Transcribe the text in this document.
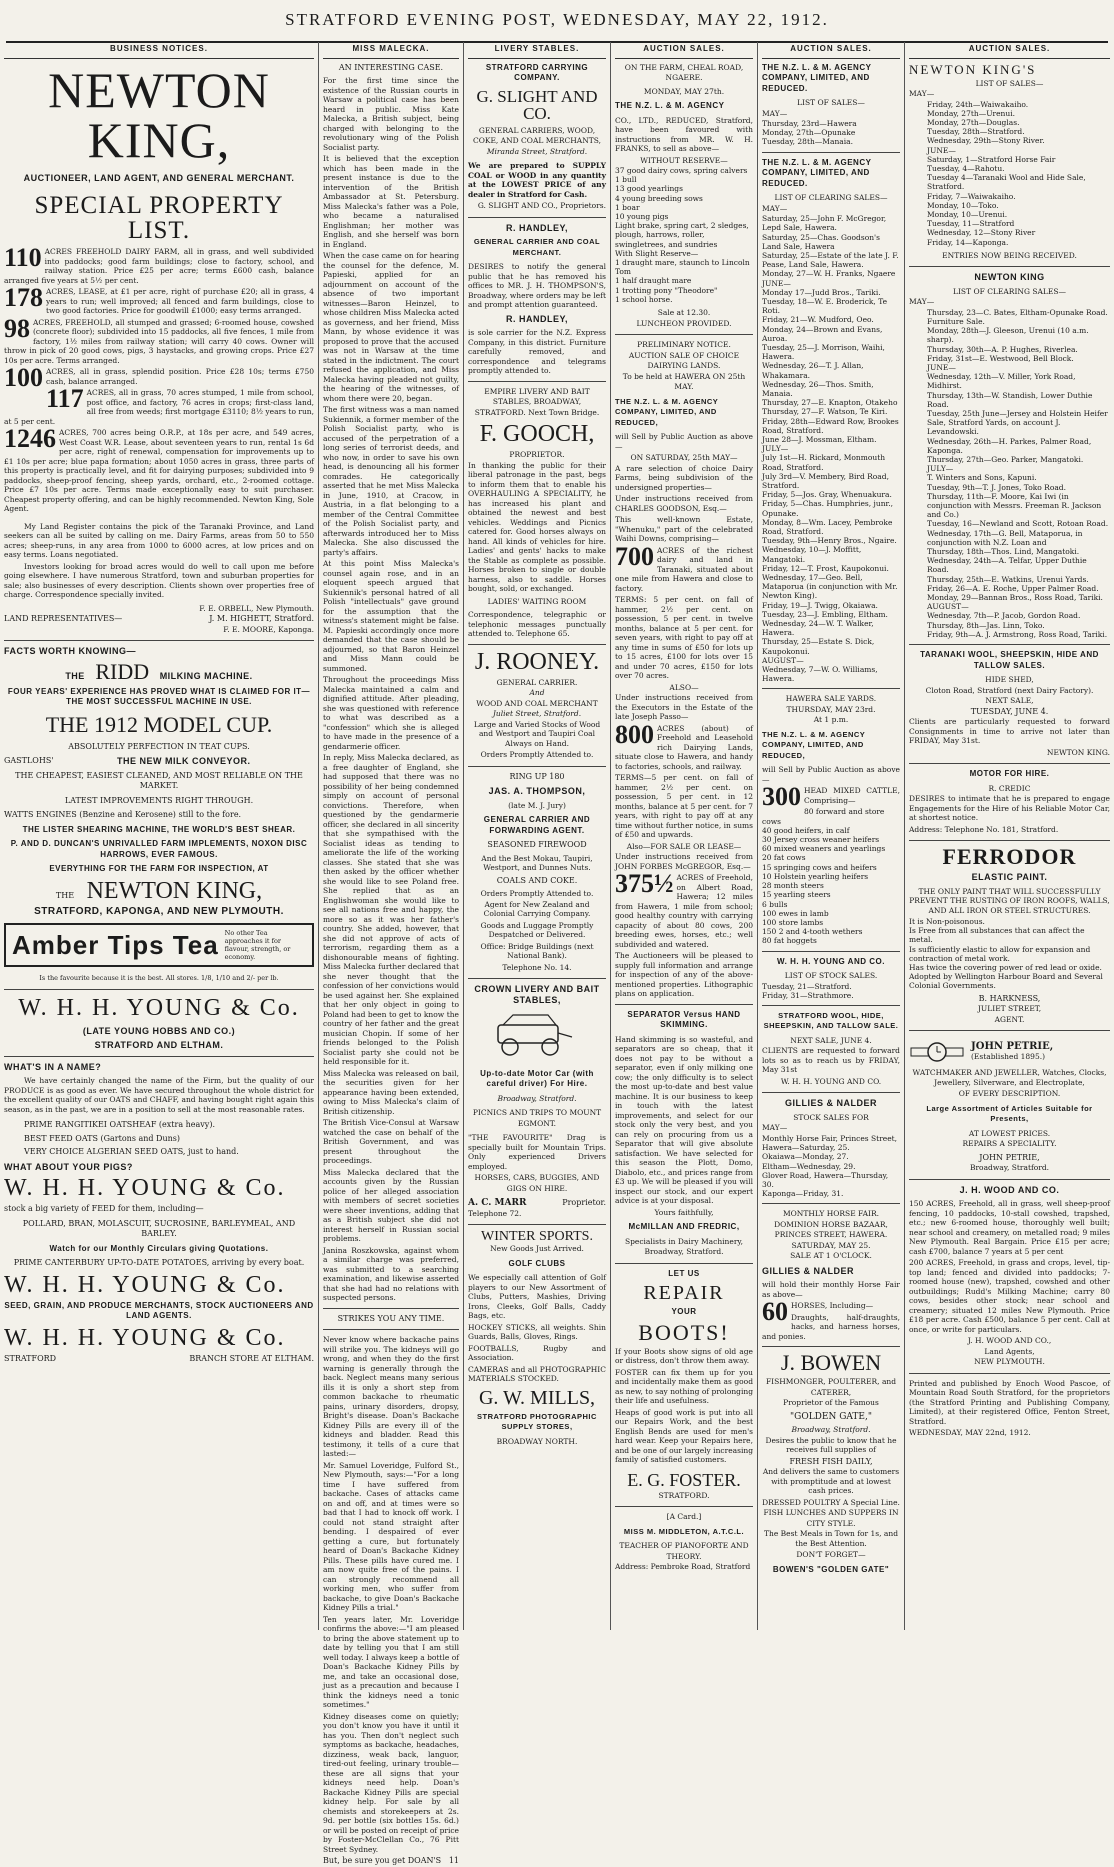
STRATFORD EVENING POST, WEDNESDAY, MAY 22, 1912.
BUSINESS NOTICES.
NEWTON KING,
AUCTIONEER, LAND AGENT, AND GENERAL MERCHANT.
SPECIAL PROPERTY LIST.

110 ACRES FREEHOLD DAIRY FARM, all in grass, and well subdivided into paddocks; good farm buildings; close to factory, school, and railway station. Price £25 per acre; terms £600 cash, balance arranged five years at 5½ per cent.

178 ACRES, LEASE, at £1 per acre, right of purchase £20; all in grass, 4 years to run; well improved; all fenced and farm buildings, close to two good factories. Price for goodwill £1000; easy terms arranged.

98 ACRES, FREEHOLD, all stumped and grassed; 6-roomed house, cowshed (concrete floor); subdivided into 15 paddocks, all five fences, 1 mile from factory, 1½ miles from railway station; will carry 40 cows. Owner will throw in pick of 20 good cows, pigs, 3 haystacks, and growing crops. Price £27 10s per acre. Terms arranged.

100 ACRES, all in grass, splendid position. Price £28 10s; terms £750 cash, balance arranged.

117 ACRES, all in grass, 70 acres stumped, 1 mile from school, post office, and factory, 76 acres in crops; first-class land, all free from weeds; first mortgage £3110; 8½ years to run, at 5 per cent.

1246 ACRES, 700 acres being O.R.P., at 18s per acre, and 549 acres, West Coast W.R. Lease, about seventeen years to run, rental 1s 6d per acre, right of renewal, compensation for improvements up to £1 10s per acre; blue papa formation; about 1050 acres in grass, three parts of this property is practically level, and fit for dairying purposes; subdivided into 9 paddocks, sheep-proof fencing, sheep yards, orchard, etc., 2-roomed cottage. Price £7 10s per acre. Terms made exceptionally easy to suit purchaser. Cheapest property offering, and can be highly recommended. Newton King, Sole Agent.

My Land Register contains the pick of the Taranaki Province, and Land seekers can all be suited by calling on me. Dairy Farms, areas from 50 to 550 acres; sheep-runs, in any area from 1000 to 6000 acres, at low prices and on easy terms. Loans negotiated.

Investors looking for broad acres would do well to call upon me before going elsewhere. I have numerous Stratford, town and suburban properties for sale; also businesses of every description. Clients shown over properties free of charge. Correspondence specially invited.

F. E. ORBELL, New Plymouth.
LAND REPRESENTATIVES—	J. M. HIGHETT, Stratford.
F. E. MOORE, Kaponga.
FACTS WORTH KNOWING—
THE RIDD MILKING MACHINE.
FOUR YEARS' EXPERIENCE HAS PROVED WHAT IS CLAIMED FOR IT—THE MOST SUCCESSFUL MACHINE IN USE.
THE 1912 MODEL CUP.
ABSOLUTELY PERFECTION IN TEAT CUPS.
GASTLOHS'	THE NEW MILK CONVEYOR.
THE CHEAPEST, EASIEST CLEANED, AND MOST RELIABLE ON THE MARKET.
LATEST IMPROVEMENTS RIGHT THROUGH.
WATTS ENGINES (Benzine and Kerosene) still to the fore.
THE LISTER SHEARING MACHINE, THE WORLD'S BEST SHEAR.
P. AND D. DUNCAN'S UNRIVALLED FARM IMPLEMENTS, NOXON DISC HARROWS, EVER FAMOUS.
EVERYTHING FOR THE FARM FOR INSPECTION, AT
THE NEWTON KING,
STRATFORD, KAPONGA, AND NEW PLYMOUTH.
Amber Tips Tea No other Tea approaches it for flavour, strength, or economy.
Is the favourite because it is the best. All stores. 1/8, 1/10 and 2/- per lb.
W. H. H. YOUNG & Co.
(LATE YOUNG HOBBS AND CO.)
STRATFORD AND ELTHAM.
WHAT'S IN A NAME?

We have certainly changed the name of the Firm, but the quality of our PRODUCE is as good as ever. We have secured throughout the whole district for the excellent quality of our OATS and CHAFF, and having bought right again this season, as in the past, we are in a position to sell at the most reasonable rates.

PRIME RANGITIKEI OATSHEAF (extra heavy).
BEST FEED OATS (Gartons and Duns)
VERY CHOICE ALGERIAN SEED OATS, just to hand.
WHAT ABOUT YOUR PIGS?
W. H. H. YOUNG & Co.
stock a big variety of FEED for them, including—
POLLARD, BRAN, MOLASCUIT, SUCROSINE, BARLEYMEAL, AND BARLEY.
Watch for our Monthly Circulars giving Quotations.
PRIME CANTERBURY UP-TO-DATE POTATOES, arriving by every boat.
W. H. H. YOUNG & Co.
SEED, GRAIN, AND PRODUCE MERCHANTS, STOCK AUCTIONEERS AND LAND AGENTS.
W. H. H. YOUNG & Co.
STRATFORD	BRANCH STORE AT ELTHAM.
MISS MALECKA.
AN INTERESTING CASE.

For the first time since the existence of the Russian courts in Warsaw a political case has been heard in public. Miss Kate Malecka, a British subject, being charged with belonging to the revolutionary wing of the Polish Socialist party.

It is believed that the exception which has been made in the present instance is due to the intervention of the British Ambassador at St. Petersburg. Miss Malecka's father was a Pole, who became a naturalised Englishman; her mother was English, and she herself was born in England.

When the case came on for hearing the counsel for the defence, M. Papieski, applied for an adjournment on account of the absence of two important witnesses—Baron Heinzel, to whose children Miss Malecka acted as governess, and her friend, Miss Mann, by whose evidence it was proposed to prove that the accused was not in Warsaw at the time stated in the indictment. The court refused the application, and Miss Malecka having pleaded not guilty, the hearing of the witnesses, of whom there were 20, began.

The first witness was a man named Sukiennik, a former member of the Polish Socialist party, who is accused of the perpetration of a long series of terrorist deeds, and who now, in order to save his own head, is denouncing all his former comrades. He categorically asserted that he met Miss Malecka in June, 1910, at Cracow, in Austria, in a flat belonging to a member of the Central Committee of the Polish Socialist party, and afterwards introduced her to Miss Malecka. She also discussed the party's affairs.

At this point Miss Malecka's counsel again rose, and in an eloquent speech argued that Sukiennik's personal hatred of all Polish "intellectuals" gave ground for the assumption that the witness's statement might be false. M. Papieski accordingly once more demanded that the case should be adjourned, so that Baron Heinzel and Miss Mann could be summoned.

Throughout the proceedings Miss Malecka maintained a calm and dignified attitude. After pleading, she was questioned with reference to what was described as a "confession" which she is alleged to have made in the presence of a gendarmerie officer.

In reply, Miss Malecka declared, as a free daughter of England, she had supposed that there was no possibility of her being condemned simply on account of personal convictions. Therefore, when questioned by the gendarmerie officer, she declared in all sincerity that she sympathised with the Socialist ideas as tending to ameliorate the life of the working classes. She stated that she was then asked by the officer whether she would like to see Poland free. She replied that as an Englishwoman she would like to see all nations free and happy, the more so as it was her father's country. She added, however, that she did not approve of acts of terrorism, regarding them as a dishonourable means of fighting. Miss Malecka further declared that she never thought that the confession of her convictions would be used against her. She explained that her only object in going to Poland had been to get to know the country of her father and the great musician Chopin. If some of her friends belonged to the Polish Socialist party she could not be held responsible for it.

Miss Malecka was released on bail, the securities given for her appearance having been extended, owing to Miss Malecka's claim of British citizenship.

The British Vice-Consul at Warsaw watched the case on behalf of the British Government, and was present throughout the proceedings.

Miss Malecka declared that the accounts given by the Russian police of her alleged association with members of secret societies were sheer inventions, adding that as a British subject she did not interest herself in Russian social problems.

Janina Roszkowska, against whom a similar charge was preferred, was submitted to a searching examination, and likewise asserted that she had had no relations with suspected persons.

STRIKES YOU ANY TIME.

Never know where backache pains will strike you. The kidneys will go wrong, and when they do the first warning is generally through the back. Neglect means many serious ills it is only a short step from common backache to rheumatic pains, urinary disorders, dropsy, Bright's disease. Doan's Backache Kidney Pills are every ill of the kidneys and bladder. Read this testimony, it tells of a cure that lasted:—

Mr. Samuel Loveridge, Fulford St., New Plymouth, says:—"For a long time I have suffered from backache. Cases of attacks came on and off, and at times were so bad that I had to knock off work. I could not stand straight after bending. I despaired of ever getting a cure, but fortunately heard of Doan's Backache Kidney Pills. These pills have cured me. I am now quite free of the pains. I can strongly recommend all working men, who suffer from backache, to give Doan's Backache Kidney Pills a trial."

Ten years later, Mr. Loveridge confirms the above:—"I am pleased to bring the above statement up to date by telling you that I am still well today. I always keep a bottle of Doan's Backache Kidney Pills by me, and take an occasional dose, just as a precaution and because I think the kidneys need a tonic sometimes."

Kidney diseases come on quietly; you don't know you have it until it has you. Then don't neglect such symptoms as backache, headaches, dizziness, weak back, languor, tired-out feeling, urinary trouble—these are all signs that your kidneys need help. Doan's Backache Kidney Pills are special kidney help. For sale by all chemists and storekeepers at 2s. 9d. per bottle (six bottles 15s. 6d.) or will be posted on receipt of price by Foster-McClellan Co., 76 Pitt Street Sydney.

But, be sure you get DOAN'S 11
LIVERY STABLES.
STRATFORD CARRYING COMPANY.
G. SLIGHT AND CO.
GENERAL CARRIERS, WOOD, COKE, AND COAL MERCHANTS,
Miranda Street, Stratford.

We are prepared to SUPPLY COAL or WOOD in any quantity at the LOWEST PRICE of any dealer in Stratford for Cash.

G. SLIGHT AND CO., Proprietors.
R. HANDLEY,
GENERAL CARRIER AND COAL MERCHANT.

DESIRES to notify the general public that he has removed his offices to MR. J. H. THOMPSON'S, Broadway, where orders may be left and prompt attention guaranteed.

R. HANDLEY,

is sole carrier for the N.Z. Express Company, in this district. Furniture carefully removed, and correspondence and telegrams promptly attended to.

EMPIRE LIVERY AND BAIT STABLES, BROADWAY, STRATFORD. Next Town Bridge.
F. GOOCH,
PROPRIETOR.

In thanking the public for their liberal patronage in the past, begs to inform them that to enable his OVERHAULING A SPECIALITY, he has increased his plant and obtained the newest and best vehicles. Weddings and Picnics catered for. Good horses always on hand. All kinds of vehicles for hire. Ladies' and gents' hacks to make the Stable as complete as possible. Horses broken to single or double harness, also to saddle. Horses bought, sold, or exchanged.

LADIES' WAITING ROOM

Correspondence, telegraphic or telephonic messages punctually attended to. Telephone 65.

J. ROONEY.
GENERAL CARRIER.
And
WOOD AND COAL MERCHANT
Juliet Street, Stratford.

Large and Varied Stocks of Wood and Westport and Taupiri Coal Always on Hand.

Orders Promptly Attended to.
RING UP 180
JAS. A. THOMPSON,
(late M. J. Jury)
GENERAL CARRIER AND FORWARDING AGENT.
SEASONED FIREWOOD

And the Best Mokau, Taupiri, Westport, and Dunnes Nuts.

COALS AND COKE.
Orders Promptly Attended to.

Agent for New Zealand and Colonial Carrying Company.

Goods and Luggage Promptly Despatched or Delivered.

Office: Bridge Buildings (next National Bank).

Telephone No. 14.
CROWN LIVERY AND BAIT STABLES,
Up-to-date Motor Car (with careful driver) For Hire.
Broadway, Stratford.
PICNICS AND TRIPS TO MOUNT EGMONT.

"THE FAVOURITE" Drag is specially built for Mountain Trips. Only experienced Drivers employed.

HORSES, CARS, BUGGIES, AND GIGS ON HIRE.
A. C. MARR	Proprietor.
Telephone 72.
WINTER SPORTS.
New Goods Just Arrived.
GOLF CLUBS

We especially call attention of Golf players to our New Assortment of Clubs, Putters, Mashies, Driving Irons, Cleeks, Golf Balls, Caddy Bags, etc.

HOCKEY STICKS, all weights. Shin Guards, Balls, Gloves, Rings.

FOOTBALLS, Rugby and Association.

CAMERAS and all PHOTOGRAPHIC MATERIALS STOCKED.

G. W. MILLS,
STRATFORD PHOTOGRAPHIC SUPPLY STORES,
BROADWAY NORTH.
AUCTION SALES.
ON THE FARM, CHEAL ROAD, NGAERE.
MONDAY, MAY 27th.
THE N.Z. L. & M. AGENCY

CO., LTD., REDUCED, Stratford, have been favoured with instructions from MR. W. H. FRANKS, to sell as above—

WITHOUT RESERVE—
37 good dairy cows, spring calvers
1 bull
13 good yearlings
4 young breeding sows
1 boar
10 young pigs
Light brake, spring cart, 2 sledges, plough, harrows, roller, swingletrees, and sundries
With Slight Reserve—
1 draught mare, staunch to Lincoln Tom
1 half draught mare
1 trotting pony "Theodore"
1 school horse.
Sale at 12.30.
LUNCHEON PROVIDED.
PRELIMINARY NOTICE.
AUCTION SALE OF CHOICE DAIRYING LANDS.
To be held at HAWERA ON 25th MAY.
THE N.Z. L. & M. AGENCY COMPANY, LIMITED, AND REDUCED,

will Sell by Public Auction as above—

ON SATURDAY, 25th MAY—

A rare selection of choice Dairy Farms, being subdivision of the undersigned properties—

Under instructions received from CHARLES GOODSON, Esq.—

This well-known Estate, "Whenuku," part of the celebrated Waihi Downs, comprising—

700 ACRES of the richest dairy and land in Taranaki, situated about one mile from Hawera and close to factory.

TERMS: 5 per cent. on fall of hammer, 2½ per cent. on possession, 5 per cent. in twelve months, balance at 5 per cent. for seven years, with right to pay off at any time in sums of £50 for lots up to 15 acres, £100 for lots over 15 and under 70 acres, £150 for lots over 70 acres.

ALSO—

Under instructions received from the Executors in the Estate of the late Joseph Passo—

800 ACRES (about) of Freehold and Leasehold rich Dairying Lands, situate close to Hawera, and handy to factories, schools, and railway.

TERMS—5 per cent. on fall of hammer, 2½ per cent. on possession, 5 per cent. in 12 months, balance at 5 per cent. for 7 years, with right to pay off at any time without further notice, in sums of £50 and upwards.

Also—FOR SALE OR LEASE—

Under instructions received from JOHN FORBES McGREGOR, Esq.—

375½ ACRES of Freehold, on Albert Road, Hawera; 12 miles from Hawera, 1 mile from school; good healthy country with carrying capacity of about 80 cows, 200 breeding ewes, horses, etc.; well subdivided and watered.

The Auctioneers will be pleased to supply full information and arrange for inspection of any of the above-mentioned properties. Lithographic plans on application.

SEPARATOR Versus HAND SKIMMING.

Hand skimming is so wasteful, and separators are so cheap, that it does not pay to be without a separator, even if only milking one cow; the only difficulty is to select the most up-to-date and best value machine. It is our business to keep in touch with the latest improvements, and select for our stock only the very best, and you can rely on procuring from us a Separator that will give absolute satisfaction. We have selected for this season the Plott, Domo, Diabolo, etc., and prices range from £3 up. We will be pleased if you will inspect our stock, and our expert advice is at your disposal.

Yours faithfully,
McMILLAN AND FREDRIC,
Specialists in Dairy Machinery,
Broadway, Stratford.
LET US
REPAIR
YOUR
BOOTS!

If your Boots show signs of old age or distress, don't throw them away.

FOSTER can fix them up for you and incidentally make them as good as new, to say nothing of prolonging their life and usefulness.

Heaps of good work is put into all our Repairs Work, and the best English Bends are used for men's hard wear. Keep your Repairs here, and be one of our largely increasing family of satisfied customers.

E. G. FOSTER.
STRATFORD.
[A Card.]
MISS M. MIDDLETON, A.T.C.L.
TEACHER OF PIANOFORTE AND THEORY.
Address: Pembroke Road, Stratford
AUCTION SALES.
THE N.Z. L. & M. AGENCY COMPANY, LIMITED, AND REDUCED.
LIST OF SALES—
MAY—
Thursday, 23rd—Hawera
Monday, 27th—Opunake
Tuesday, 28th—Manaia.
THE N.Z. L. & M. AGENCY COMPANY, LIMITED, AND REDUCED.
LIST OF CLEARING SALES—
MAY—
Saturday, 25—John F. McGregor, Lepd Sale, Hawera.
Saturday, 25—Chas. Goodson's Land Sale, Hawera
Saturday, 25—Estate of the late J. F. Pease, Land Sale, Hawera.
Monday, 27—W. H. Franks, Ngaere
JUNE—
Monday 17—Judd Bros., Tariki.
Tuesday, 18—W. E. Broderick, Te Roti.
Friday, 21—W. Mudford, Oeo.
Monday, 24—Brown and Evans, Auroa.
Tuesday, 25—J. Morrison, Waihi, Hawera.
Wednesday, 26—T. J. Allan, Whakamara.
Wednesday, 26—Thos. Smith, Manaia.
Thursday, 27—E. Knapton, Otakeho
Thursday, 27—F. Watson, Te Kiri.
Friday, 28th—Edward Row, Brookes Road, Stratford.
June 28—J. Mossman, Eltham.
JULY—
July 1st—H. Rickard, Monmouth Road, Stratford.
July 3rd—V. Membery, Bird Road, Stratford.
Friday, 5—Jos. Gray, Whenuakura.
Friday, 5—Chas. Humphries, junr., Opunake.
Monday, 8—Wm. Lacey, Pembroke Road, Stratford.
Tuesday, 9th—Henry Bros., Ngaire.
Wednesday, 10—J. Moffitt, Mangatoki.
Friday, 12—T. Frost, Kaupokonui.
Wednesday, 17—Geo. Bell, Mataporua (in conjunction with Mr. Newton King).
Friday, 19—J. Twigg, Okaiawa.
Tuesday, 23—J. Embling, Eltham.
Wednesday, 24—W. T. Walker, Hawera.
Thursday, 25—Estate S. Dick, Kaupokonui.
AUGUST—
Wednesday, 7—W. O. Williams, Hawera.
HAWERA SALE YARDS.
THURSDAY, MAY 23rd.
At 1 p.m.
THE N.Z. L. & M. AGENCY COMPANY, LIMITED, AND REDUCED,

will Sell by Public Auction as above—

300 HEAD MIXED CATTLE, Comprising—

80 forward and store cows
40 good heifers, in calf
30 Jersey cross weaner heifers
60 mixed weaners and yearlings
20 fat cows
15 springing cows and heifers
10 Holstein yearling heifers
28 month steers
15 yearling steers
6 bulls
100 ewes in lamb
100 store lambs
150 2 and 4-tooth wethers
80 fat hoggets
W. H. H. YOUNG AND CO.
LIST OF STOCK SALES.
Tuesday, 21—Stratford.
Friday, 31—Strathmore.
STRATFORD WOOL, HIDE, SHEEPSKIN, AND TALLOW SALE.
NEXT SALE, JUNE 4.

CLIENTS are requested to forward lots so as to reach us by FRIDAY, May 31st

W. H. H. YOUNG AND CO.
GILLIES & NALDER
STOCK SALES FOR
MAY—
Monthly Horse Fair, Princes Street, Hawera—Saturday, 25.
Okaiawa—Monday, 27.
Eltham—Wednesday, 29.
Glover Road, Hawera—Thursday, 30.
Kaponga—Friday, 31.
MONTHLY HORSE FAIR.
DOMINION HORSE BAZAAR, PRINCES STREET, HAWERA.
SATURDAY, MAY 25.
SALE AT 1 O'CLOCK.
GILLIES & NALDER

will hold their monthly Horse Fair as above—

60 HORSES, Including—

Draughts, half-draughts, hacks, and harness horses, and ponies.

J. BOWEN
FISHMONGER, POULTERER, and CATERER,
Proprietor of the Famous
"GOLDEN GATE,"
Broadway, Stratford.

Desires the public to know that he receives full supplies of

FRESH FISH DAILY,

And delivers the same to customers with promptitude and at lowest cash prices.

DRESSED POULTRY A Special Line.
FISH LUNCHES AND SUPPERS IN CITY STYLE.

The Best Meals in Town for 1s, and the Best Attention.

DON'T FORGET—
BOWEN'S "GOLDEN GATE"
AUCTION SALES.
NEWTON KING'S
LIST OF SALES—
MAY—
Friday, 24th—Waiwakaiho.
Monday, 27th—Urenui.
Monday, 27th—Douglas.
Tuesday, 28th—Stratford.
Wednesday, 29th—Stony River.
JUNE—
Saturday, 1—Stratford Horse Fair
Tuesday, 4—Rahotu.
Tuesday 4—Taranaki Wool and Hide Sale, Stratford.
Friday, 7—Waiwakaiho.
Monday, 10—Toko.
Monday, 10—Urenui.
Tuesday, 11—Stratford
Wednesday, 12—Stony River
Friday, 14—Kaponga.
ENTRIES NOW BEING RECEIVED.
NEWTON KING
LIST OF CLEARING SALES—
MAY—
Thursday, 23—C. Bates, Eltham-Opunake Road. Furniture Sale.
Monday, 28th—J. Gleeson, Urenui (10 a.m. sharp).
Thursday, 30th—A. P. Hughes, Riverlea.
Friday, 31st—E. Westwood, Bell Block.
JUNE—
Wednesday, 12th—V. Miller, York Road, Midhirst.
Thursday, 13th—W. Standish, Lower Duthie Road.
Tuesday, 25th June—Jersey and Holstein Heifer Sale, Stratford Yards, on account J. Levandowski.
Wednesday, 26th—H. Parkes, Palmer Road, Kaponga.
Thursday, 27th—Geo. Parker, Mangatoki.
JULY—
T. Winters and Sons, Kapuni.
Tuesday, 9th—T. J. Jones, Toko Road.
Thursday, 11th—F. Moore, Kai Iwi (in conjunction with Messrs. Freeman R. Jackson and Co.)
Tuesday, 16—Newland and Scott, Rotoan Road.
Wednesday, 17th—G. Bell, Mataporua, in conjunction with N.Z. Loan and
Thursday, 18th—Thos. Lind, Mangatoki.
Wednesday, 24th—A. Telfar, Upper Duthie Road.
Thursday, 25th—E. Watkins, Urenui Yards.
Friday, 26—A. E. Roche, Upper Palmer Road.
Monday, 29—Bannan Bros., Ross Road, Tariki.
AUGUST—
Wednesday, 7th—P. Jacob, Gordon Road.
Thursday, 8th—Jas. Linn, Toko.
Friday, 9th—A. J. Armstrong, Ross Road, Tariki.
TARANAKI WOOL, SHEEPSKIN, HIDE AND TALLOW SALES.
HIDE SHED,
Cloton Road, Stratford (next Dairy Factory).
NEXT SALE,
TUESDAY, JUNE 4.

Clients are particularly requested to forward Consignments in time to arrive not later than FRIDAY, May 31st.

NEWTON KING.
MOTOR FOR HIRE.
R. CREDIC

DESIRES to intimate that he is prepared to engage Engagements for the Hire of his Reliable Motor Car, at shortest notice.

Address: Telephone No. 181, Stratford.
FERRODOR
ELASTIC PAINT.

THE ONLY PAINT THAT WILL SUCCESSFULLY PREVENT THE RUSTING OF IRON ROOFS, WALLS, AND ALL IRON OR STEEL STRUCTURES.

It is Non-poisonous.
Is Free from all substances that can affect the metal.
Is sufficiently elastic to allow for expansion and contraction of metal work.
Has twice the covering power of red lead or oxide.
Adopted by Wellington Harbour Board and Several Colonial Governments.
B. HARKNESS,
JULIET STREET,
AGENT.
JOHN PETRIE,
(Established 1895.)

WATCHMAKER AND JEWELLER, Watches, Clocks, Jewellery, Silverware, and Electroplate,

OF EVERY DESCRIPTION.
Large Assortment of Articles Suitable for Presents,
AT LOWEST PRICES.
REPAIRS A SPECIALITY.
JOHN PETRIE,
Broadway, Stratford.
J. H. WOOD AND CO.

150 ACRES, Freehold, all in grass, well sheep-proof fencing, 10 paddocks, 10-stall cowshed, trapshed, etc.; new 6-roomed house, thoroughly well built; near school and creamery, on metalled road; 9 miles New Plymouth. Real Bargain. Price £15 per acre; cash £700, balance 7 years at 5 per cent

200 ACRES, Freehold, in grass and crops, level, tip-top land; fenced and divided into paddocks; 7-roomed house (new), trapshed, cowshed and other outbuildings; Rudd's Milking Machine; carry 80 cows, besides other stock; near school and creamery; situated 12 miles New Plymouth. Price £18 per acre. Cash £500, balance 5 per cent. Call at once, or write for particulars.

J. H. WOOD AND CO.,
Land Agents,
NEW PLYMOUTH.

Printed and published by Enoch Wood Pascoe, of Mountain Road South Stratford, for the proprietors (the Stratford Printing and Publishing Company, Limited), at their registered Office, Fenton Street, Stratford.

WEDNESDAY, MAY 22nd, 1912.
